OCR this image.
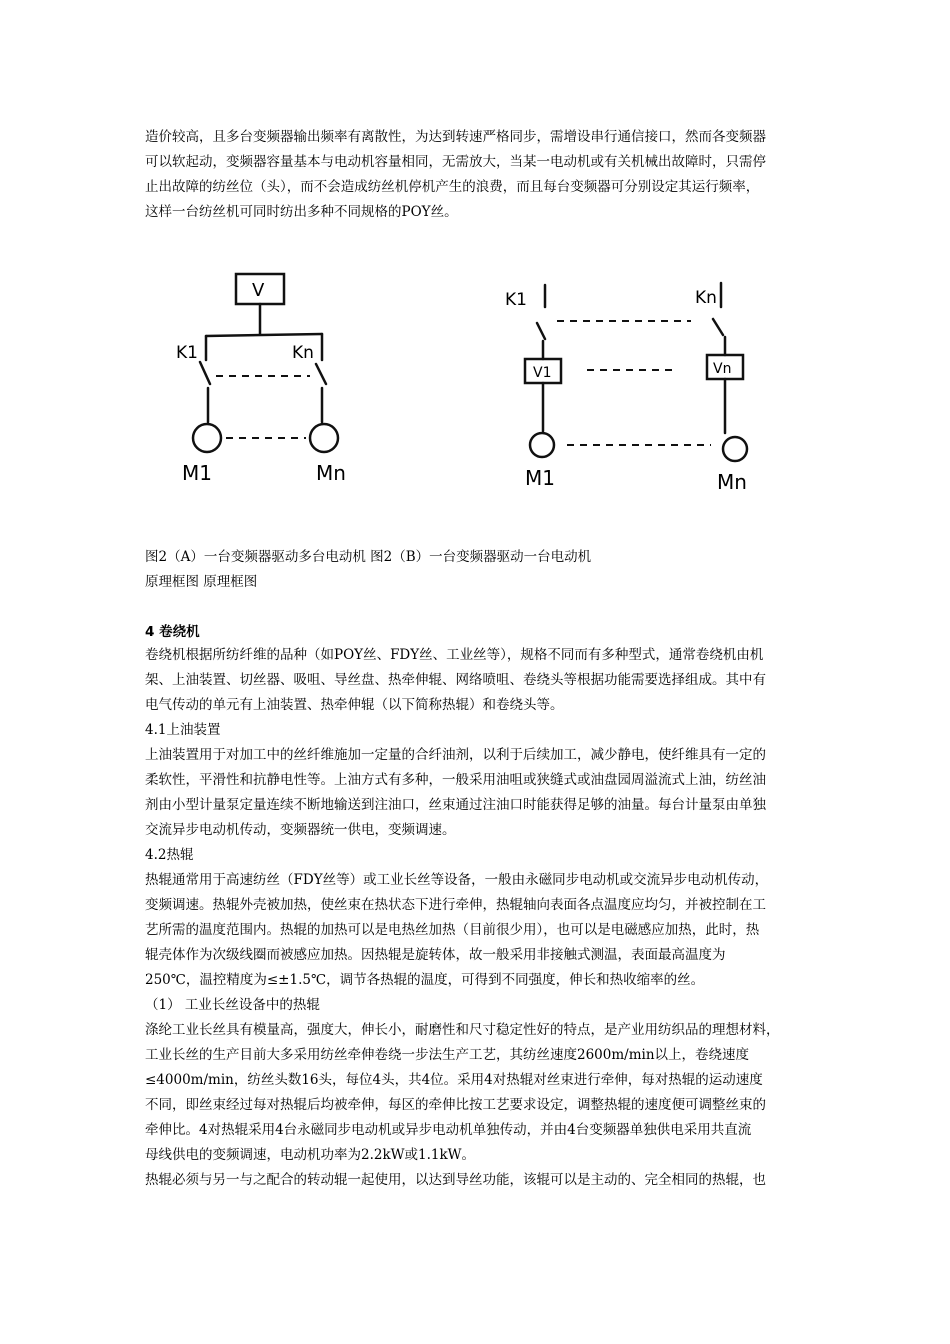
造价较高，且多台变频器输出频率有离散性，为达到转速严格同步，需增设串行通信接口，然而各变频器
可以软起动，变频器容量基本与电动机容量相同，无需放大，当某一电动机或有关机械出故障时，只需停
止出故障的纺丝位（头），而不会造成纺丝机停机产生的浪费，而且每台变频器可分别设定其运行频率，
这样一台纺丝机可同时纺出多种不同规格的POY丝。
V
K1	Kn
M1	Mn
K1	Kn
V1	Vn
M1	Mn
图2（A）一台变频器驱动多台电动机 图2（B）一台变频器驱动一台电动机
原理框图 原理框图

4 卷绕机

卷绕机根据所纺纤维的品种（如POY丝、FDY丝、工业丝等），规格不同而有多种型式，通常卷绕机由机
架、上油装置、切丝器、吸咀、导丝盘、热牵伸辊、网络喷咀、卷绕头等根据功能需要选择组成。其中有
电气传动的单元有上油装置、热牵伸辊（以下简称热辊）和卷绕头等。
4.1上油装置
上油装置用于对加工中的丝纤维施加一定量的合纤油剂，以利于后续加工，减少静电，使纤维具有一定的
柔软性，平滑性和抗静电性等。上油方式有多种，一般采用油咀或狭缝式或油盘园周溢流式上油，纺丝油
剂由小型计量泵定量连续不断地输送到注油口，丝束通过注油口时能获得足够的油量。每台计量泵由单独
交流异步电动机传动，变频器统一供电，变频调速。
4.2热辊
热辊通常用于高速纺丝（FDY丝等）或工业长丝等设备，一般由永磁同步电动机或交流异步电动机传动，
变频调速。热辊外壳被加热，使丝束在热状态下进行牵伸，热辊轴向表面各点温度应均匀，并被控制在工
艺所需的温度范围内。热辊的加热可以是电热丝加热（目前很少用），也可以是电磁感应加热，此时，热
辊壳体作为次级线圈而被感应加热。因热辊是旋转体，故一般采用非接触式测温，表面最高温度为
250℃，温控精度为≤±1.5℃，调节各热辊的温度，可得到不同强度，伸长和热收缩率的丝。
（1） 工业长丝设备中的热辊
涤纶工业长丝具有模量高，强度大，伸长小，耐磨性和尺寸稳定性好的特点，是产业用纺织品的理想材料，
工业长丝的生产目前大多采用纺丝牵伸卷绕一步法生产工艺，其纺丝速度2600m/min以上，卷绕速度
≤4000m/min，纺丝头数16头，每位4头，共4位。采用4对热辊对丝束进行牵伸，每对热辊的运动速度
不同，即丝束经过每对热辊后均被牵伸，每区的牵伸比按工艺要求设定，调整热辊的速度便可调整丝束的
牵伸比。4对热辊采用4台永磁同步电动机或异步电动机单独传动，并由4台变频器单独供电采用共直流
母线供电的变频调速，电动机功率为2.2kW或1.1kW。
热辊必须与另一与之配合的转动辊一起使用，以达到导丝功能，该辊可以是主动的、完全相同的热辊，也
